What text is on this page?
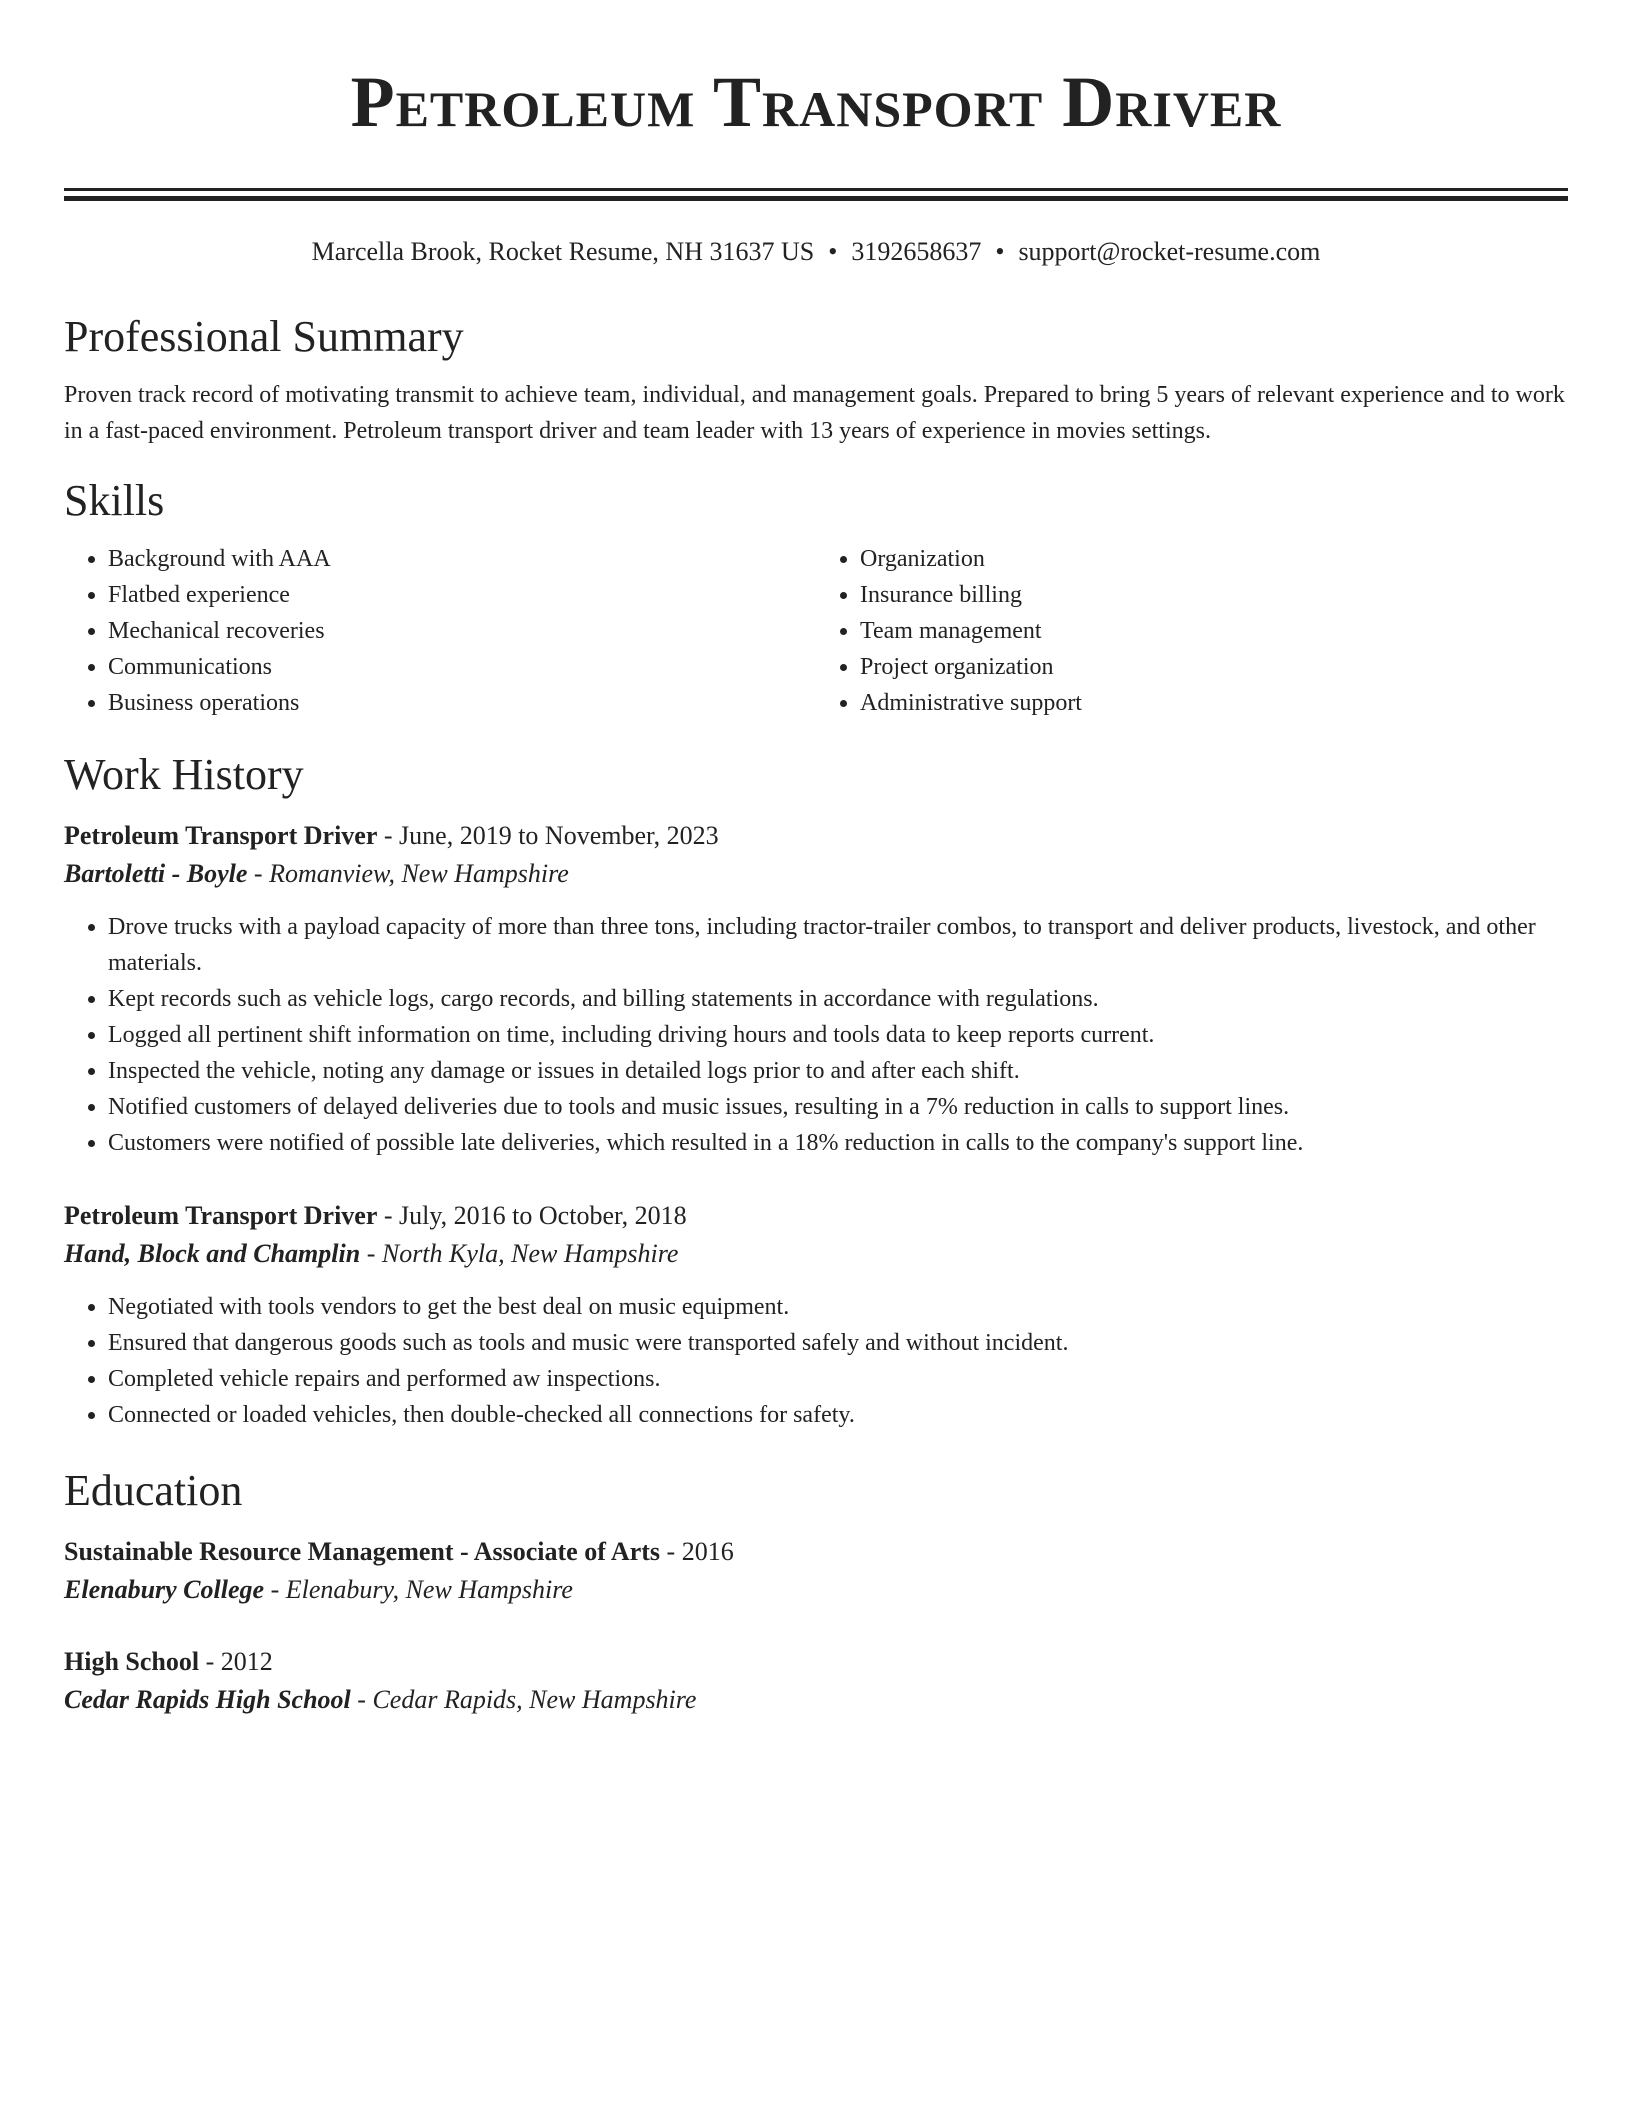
Petroleum Transport Driver
Marcella Brook, Rocket Resume, NH 31637 US • 3192658637 • support@rocket-resume.com
Professional Summary

Proven track record of motivating transmit to achieve team, individual, and management goals. Prepared to bring 5 years of relevant experience and to work in a fast-paced environment. Petroleum transport driver and team leader with 13 years of experience in movies settings.

Skills
• Background with AAA
• Flatbed experience
• Mechanical recoveries
• Communications
• Business operations
• Organization
• Insurance billing
• Team management
• Project organization
• Administrative support
Work History
Petroleum Transport Driver - June, 2019 to November, 2023
Bartoletti - Boyle - Romanview, New Hampshire
• Drove trucks with a payload capacity of more than three tons, including tractor-trailer combos, to transport and deliver products, livestock, and other materials.
• Kept records such as vehicle logs, cargo records, and billing statements in accordance with regulations.
• Logged all pertinent shift information on time, including driving hours and tools data to keep reports current.
• Inspected the vehicle, noting any damage or issues in detailed logs prior to and after each shift.
• Notified customers of delayed deliveries due to tools and music issues, resulting in a 7% reduction in calls to support lines.
• Customers were notified of possible late deliveries, which resulted in a 18% reduction in calls to the company's support line.
Petroleum Transport Driver - July, 2016 to October, 2018
Hand, Block and Champlin - North Kyla, New Hampshire
• Negotiated with tools vendors to get the best deal on music equipment.
• Ensured that dangerous goods such as tools and music were transported safely and without incident.
• Completed vehicle repairs and performed aw inspections.
• Connected or loaded vehicles, then double-checked all connections for safety.
Education
Sustainable Resource Management - Associate of Arts - 2016
Elenabury College - Elenabury, New Hampshire
High School - 2012
Cedar Rapids High School - Cedar Rapids, New Hampshire
